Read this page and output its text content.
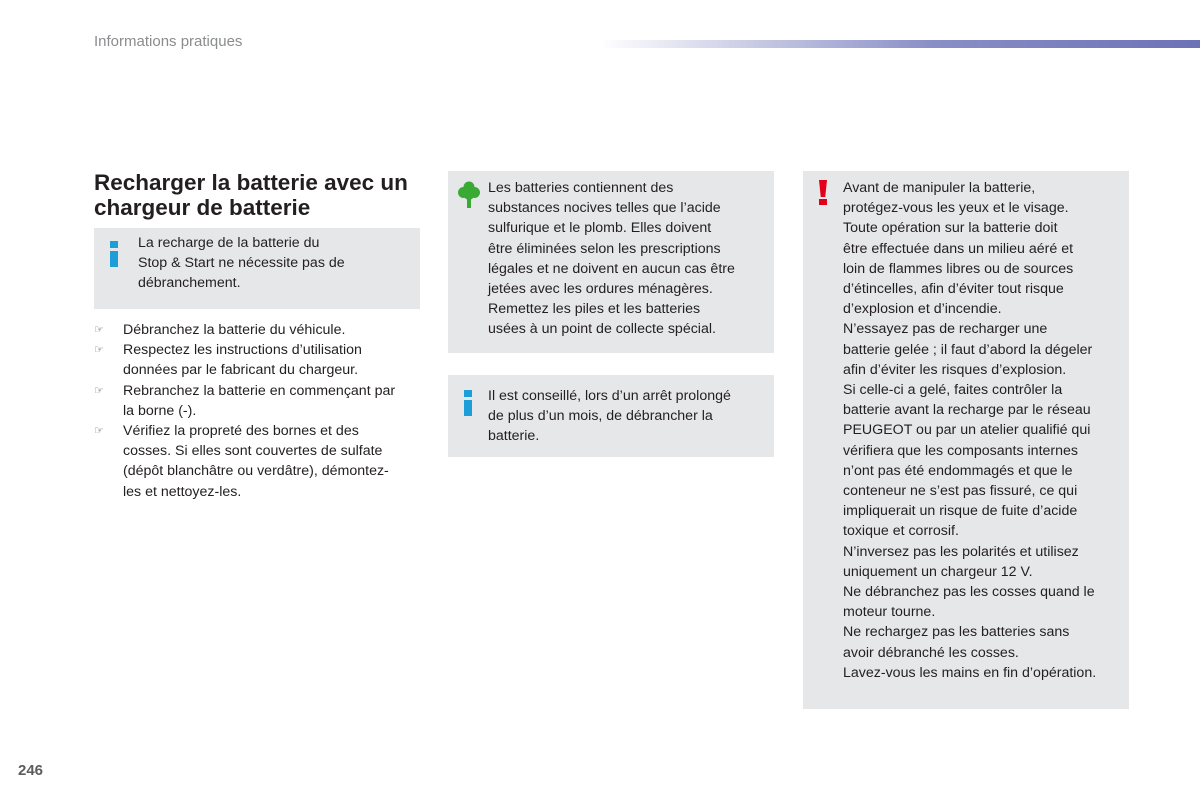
Informations pratiques
Recharger la batterie avec un chargeur de batterie

La recharge de la batterie du
Stop & Start ne nécessite pas de
débranchement.

☞ Débranchez la batterie du véhicule.
☞ Respectez les instructions d’utilisation
données par le fabricant du chargeur.
☞ Rebranchez la batterie en commençant par
la borne (-).
☞ Vérifiez la propreté des bornes et des
cosses. Si elles sont couvertes de sulfate
(dépôt blanchâtre ou verdâtre), démontez-
les et nettoyez-les.

Les batteries contiennent des
substances nocives telles que l’acide
sulfurique et le plomb. Elles doivent
être éliminées selon les prescriptions
légales et ne doivent en aucun cas être
jetées avec les ordures ménagères.
Remettez les piles et les batteries
usées à un point de collecte spécial.

Il est conseillé, lors d’un arrêt prolongé
de plus d’un mois, de débrancher la
batterie.

Avant de manipuler la batterie,
protégez-vous les yeux et le visage.
Toute opération sur la batterie doit
être effectuée dans un milieu aéré et
loin de flammes libres ou de sources
d’étincelles, afin d’éviter tout risque
d’explosion et d’incendie.
N’essayez pas de recharger une
batterie gelée ; il faut d’abord la dégeler
afin d’éviter les risques d’explosion.
Si celle-ci a gelé, faites contrôler la
batterie avant la recharge par le réseau
PEUGEOT ou par un atelier qualifié qui
vérifiera que les composants internes
n’ont pas été endommagés et que le
conteneur ne s’est pas fissuré, ce qui
impliquerait un risque de fuite d’acide
toxique et corrosif.
N’inversez pas les polarités et utilisez
uniquement un chargeur 12 V.
Ne débranchez pas les cosses quand le
moteur tourne.
Ne rechargez pas les batteries sans
avoir débranché les cosses.
Lavez-vous les mains en fin d’opération.

246
